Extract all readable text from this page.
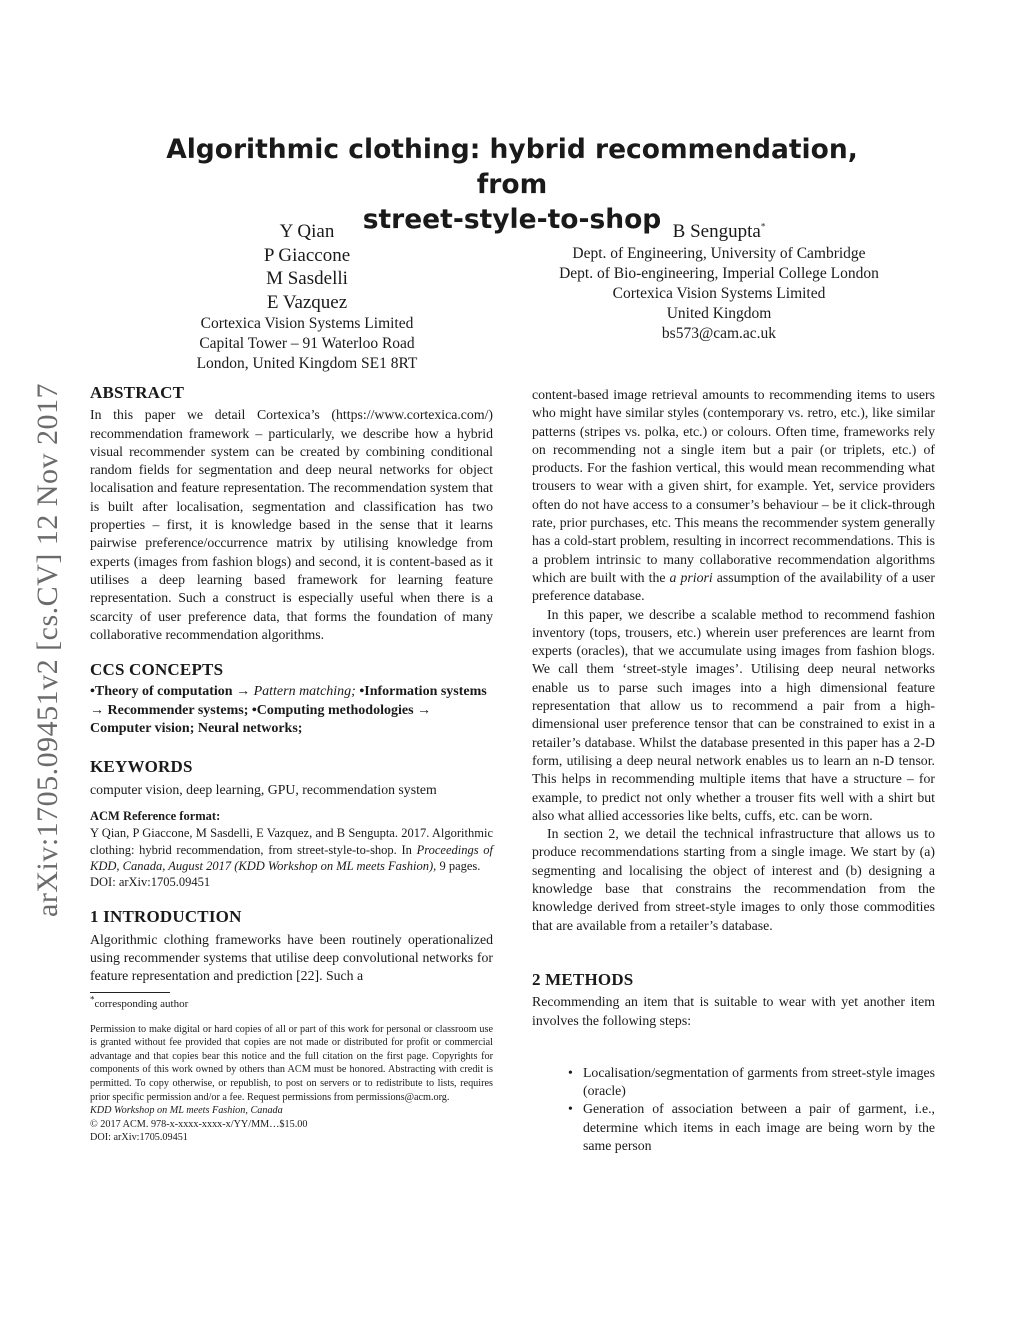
arXiv:1705.09451v2 [cs.CV] 12 Nov 2017
Algorithmic clothing: hybrid recommendation, from
street-style-to-shop
Y Qian
P Giaccone
M Sasdelli
E Vazquez
Cortexica Vision Systems Limited
Capital Tower – 91 Waterloo Road
London, United Kingdom SE1 8RT
B Sengupta*
Dept. of Engineering, University of Cambridge
Dept. of Bio-engineering, Imperial College London
Cortexica Vision Systems Limited
United Kingdom
bs573@cam.ac.uk
ABSTRACT

In this paper we detail Cortexica’s (https://www.cortexica.com/) recommendation framework – particularly, we describe how a hybrid visual recommender system can be created by combining conditional random fields for segmentation and deep neural networks for object localisation and feature representation. The recommendation system that is built after localisation, segmentation and classification has two properties – first, it is knowledge based in the sense that it learns pairwise preference/occurrence matrix by utilising knowledge from experts (images from fashion blogs) and second, it is content-based as it utilises a deep learning based framework for learning feature representation. Such a construct is especially useful when there is a scarcity of user preference data, that forms the foundation of many collaborative recommendation algorithms.

CCS CONCEPTS

•Theory of computation → Pattern matching; •Information systems → Recommender systems; •Computing methodologies → Computer vision; Neural networks;

KEYWORDS

computer vision, deep learning, GPU, recommendation system

ACM Reference format:

Y Qian, P Giaccone, M Sasdelli, E Vazquez, and B Sengupta. 2017. Algorithmic clothing: hybrid recommendation, from street-style-to-shop. In Proceedings of KDD, Canada, August 2017 (KDD Workshop on ML meets Fashion), 9 pages.

DOI: arXiv:1705.09451

1 INTRODUCTION

Algorithmic clothing frameworks have been routinely operationalized using recommender systems that utilise deep convolutional networks for feature representation and prediction [22]. Such a

*corresponding author

Permission to make digital or hard copies of all or part of this work for personal or classroom use is granted without fee provided that copies are not made or distributed for profit or commercial advantage and that copies bear this notice and the full citation on the first page. Copyrights for components of this work owned by others than ACM must be honored. Abstracting with credit is permitted. To copy otherwise, or republish, to post on servers or to redistribute to lists, requires prior specific permission and/or a fee. Request permissions from permissions@acm.org.

KDD Workshop on ML meets Fashion, Canada

© 2017 ACM. 978-x-xxxx-xxxx-x/YY/MM…$15.00

DOI: arXiv:1705.09451

content-based image retrieval amounts to recommending items to users who might have similar styles (contemporary vs. retro, etc.), like similar patterns (stripes vs. polka, etc.) or colours. Often time, frameworks rely on recommending not a single item but a pair (or triplets, etc.) of products. For the fashion vertical, this would mean recommending what trousers to wear with a given shirt, for example. Yet, service providers often do not have access to a consumer’s behaviour – be it click-through rate, prior purchases, etc. This means the recommender system generally has a cold-start problem, resulting in incorrect recommendations. This is a problem intrinsic to many collaborative recommendation algorithms which are built with the a priori assumption of the availability of a user preference database.

In this paper, we describe a scalable method to recommend fashion inventory (tops, trousers, etc.) wherein user preferences are learnt from experts (oracles), that we accumulate using images from fashion blogs. We call them ‘street-style images’. Utilising deep neural networks enable us to parse such images into a high dimensional feature representation that allow us to recommend a pair from a high-dimensional user preference tensor that can be constrained to exist in a retailer’s database. Whilst the database presented in this paper has a 2-D form, utilising a deep neural network enables us to learn an n-D tensor. This helps in recommending multiple items that have a structure – for example, to predict not only whether a trouser fits well with a shirt but also what allied accessories like belts, cuffs, etc. can be worn.

In section 2, we detail the technical infrastructure that allows us to produce recommendations starting from a single image. We start by (a) segmenting and localising the object of interest and (b) designing a knowledge base that constrains the recommendation from the knowledge derived from street-style images to only those commodities that are available from a retailer’s database.

2 METHODS

Recommending an item that is suitable to wear with yet another item involves the following steps:

• Localisation/segmentation of garments from street-style images (oracle)
• Generation of association between a pair of garment, i.e., determine which items in each image are being worn by the same person
